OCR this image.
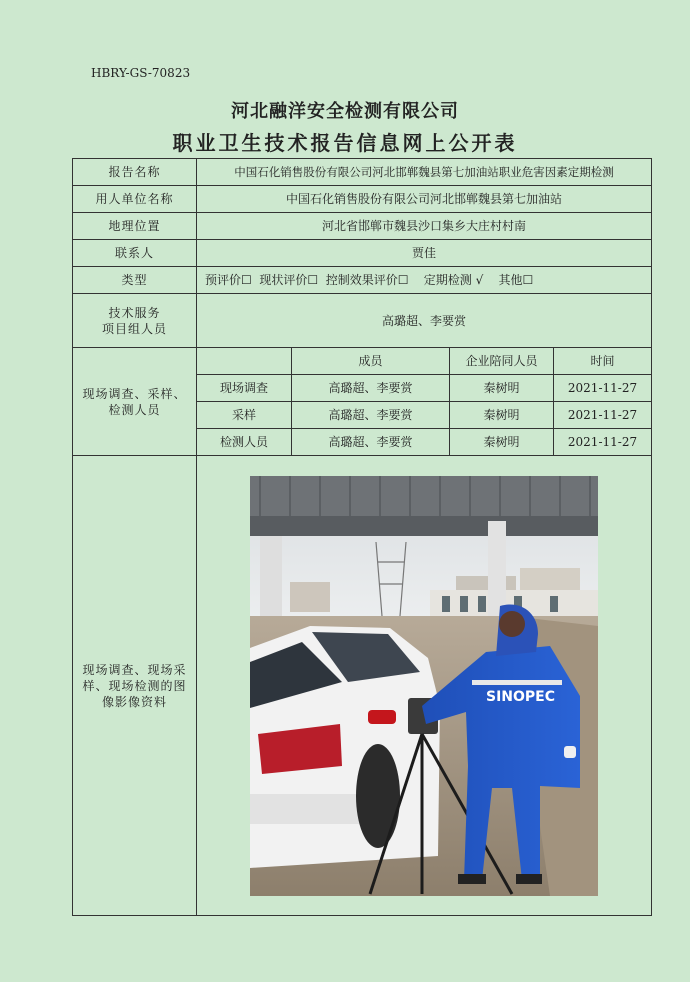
HBRY-GS-70823
河北融洋安全检测有限公司
职业卫生技术报告信息网上公开表
报告名称	中国石化销售股份有限公司河北邯郸魏县第七加油站职业危害因素定期检测			
用人单位名称	中国石化销售股份有限公司河北邯郸魏县第七加油站			
地理位置	河北省邯郸市魏县沙口集乡大庄村村南			
联系人	贾佳			
类型	预评价☐  现状评价☐  控制效果评价☐    定期检测 √    其他☐			

技术服务
项目组人员	高璐超、李要赏			

现场调查、采样、
检测人员		成员	企业陪同人员	时间
	现场调查	高璐超、李要赏	秦树明	2021-11-27
	采样	高璐超、李要赏	秦树明	2021-11-27
	检测人员	高璐超、李要赏	秦树明	2021-11-27

现场调查、现场采
样、现场检测的图
像影像资料	SINOPEC			
